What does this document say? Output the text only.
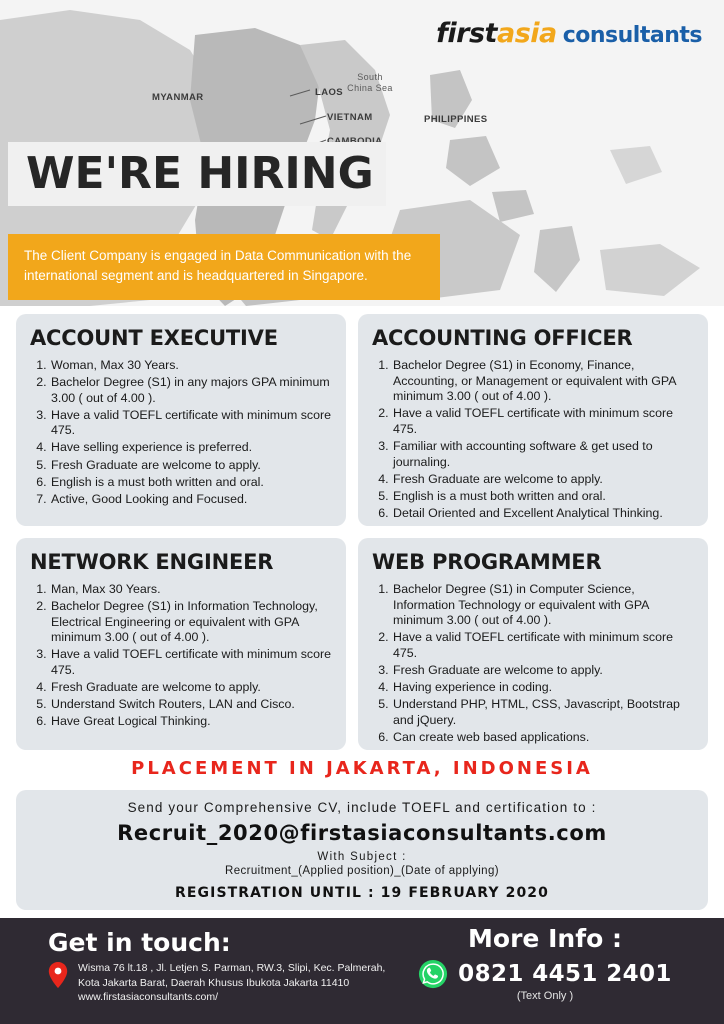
firstasia consultants
MYANMAR	LAOS
VIETNAM	PHILIPPINES
South China Sea
WE'RE HIRING
The Client Company is engaged in Data Communication with the international segment and is headquartered in Singapore.
ACCOUNT EXECUTIVE
1. Woman, Max 30 Years.
2. Bachelor Degree (S1) in any majors GPA minimum 3.00 ( out of 4.00 ).
3. Have a valid TOEFL certificate with minimum score 475.
4. Have selling experience is preferred.
5. Fresh Graduate are welcome to apply.
6. English is a must both written and oral.
7. Active, Good Looking and Focused.
ACCOUNTING OFFICER
1. Bachelor Degree (S1) in Economy, Finance, Accounting, or Management or equivalent with GPA minimum 3.00 ( out of 4.00 ).
2. Have a valid TOEFL certificate with minimum score 475.
3. Familiar with accounting software & get used to journaling.
4. Fresh Graduate are welcome to apply.
5. English is a must both written and oral.
6. Detail Oriented and Excellent Analytical Thinking.
NETWORK ENGINEER
1. Man, Max 30 Years.
2. Bachelor Degree (S1) in Information Technology, Electrical Engineering or equivalent with GPA minimum 3.00 ( out of 4.00 ).
3. Have a valid TOEFL certificate with minimum score 475.
4. Fresh Graduate are welcome to apply.
5. Understand Switch Routers, LAN and Cisco.
6. Have Great Logical Thinking.
WEB PROGRAMMER
1. Bachelor Degree (S1) in Computer Science, Information Technology or equivalent with GPA minimum 3.00 ( out of 4.00 ).
2. Have a valid TOEFL certificate with minimum score 475.
3. Fresh Graduate are welcome to apply.
4. Having experience in coding.
5. Understand PHP, HTML, CSS, Javascript, Bootstrap and jQuery.
6. Can create web based applications.
PLACEMENT IN JAKARTA, INDONESIA
Send your Comprehensive CV, include TOEFL and certification to :
Recruit_2020@firstasiaconsultants.com
With Subject :
Recruitment_(Applied position)_(Date of applying)
REGISTRATION UNTIL : 19 FEBRUARY 2020
Get in touch:
Wisma 76 lt.18 , Jl. Letjen S. Parman, RW.3, Slipi, Kec. Palmerah,
Kota Jakarta Barat, Daerah Khusus Ibukota Jakarta 11410
www.firstasiaconsultants.com/
More Info :
0821 4451 2401
(Text Only )
